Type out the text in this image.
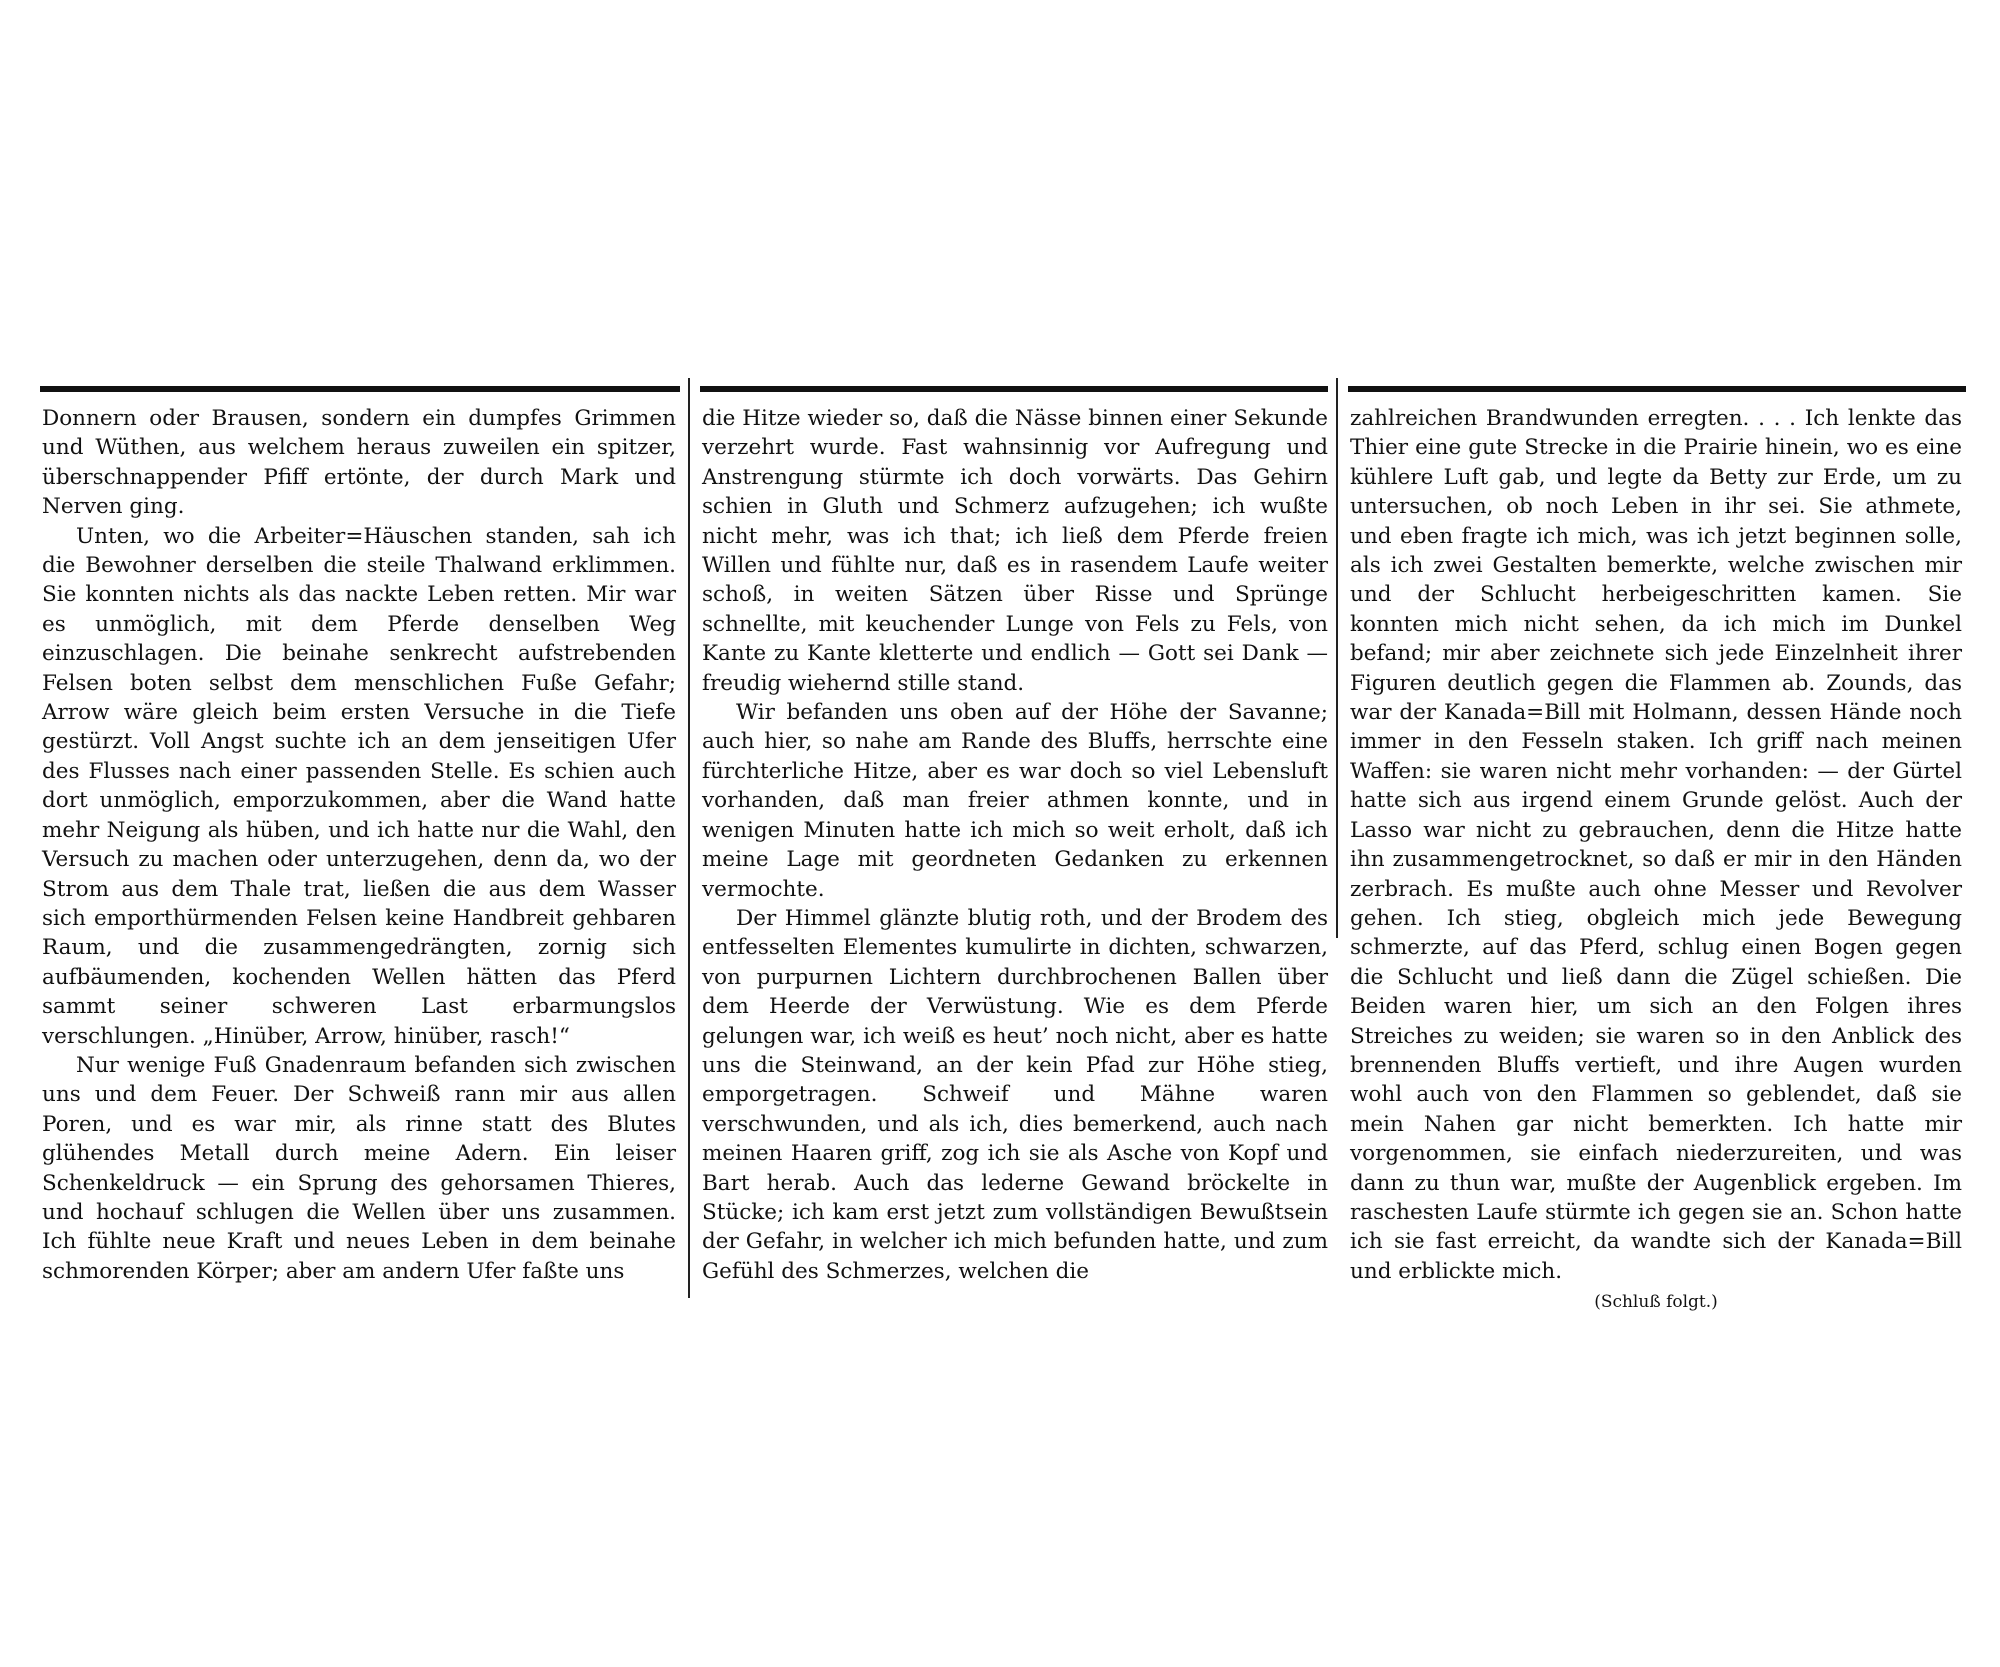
Donnern oder Brausen, sondern ein dumpfes Grimmen und Wüthen, aus welchem heraus zuweilen ein spitzer, überschnappender Pfiff ertönte, der durch Mark und Nerven ging.

Unten, wo die Arbeiter=Häuschen standen, sah ich die Bewohner derselben die steile Thalwand erklimmen. Sie konnten nichts als das nackte Leben retten. Mir war es unmöglich, mit dem Pferde denselben Weg einzuschlagen. Die beinahe senkrecht aufstrebenden Felsen boten selbst dem menschlichen Fuße Gefahr; Arrow wäre gleich beim ersten Versuche in die Tiefe gestürzt. Voll Angst suchte ich an dem jenseitigen Ufer des Flusses nach einer passenden Stelle. Es schien auch dort unmöglich, emporzukommen, aber die Wand hatte mehr Neigung als hüben, und ich hatte nur die Wahl, den Versuch zu machen oder unterzugehen, denn da, wo der Strom aus dem Thale trat, ließen die aus dem Wasser sich emporthürmenden Felsen keine Handbreit gehbaren Raum, und die zusammengedrängten, zornig sich aufbäumenden, kochenden Wellen hätten das Pferd sammt seiner schweren Last erbarmungslos verschlungen. „Hinüber, Arrow, hinüber, rasch!“

Nur wenige Fuß Gnadenraum befanden sich zwischen uns und dem Feuer. Der Schweiß rann mir aus allen Poren, und es war mir, als rinne statt des Blutes glühendes Metall durch meine Adern. Ein leiser Schenkeldruck — ein Sprung des gehorsamen Thieres, und hochauf schlugen die Wellen über uns zusammen. Ich fühlte neue Kraft und neues Leben in dem beinahe schmorenden Körper; aber am andern Ufer faßte uns

die Hitze wieder so, daß die Nässe binnen einer Sekunde verzehrt wurde. Fast wahnsinnig vor Aufregung und Anstrengung stürmte ich doch vorwärts. Das Gehirn schien in Gluth und Schmerz aufzugehen; ich wußte nicht mehr, was ich that; ich ließ dem Pferde freien Willen und fühlte nur, daß es in rasendem Laufe weiter schoß, in weiten Sätzen über Risse und Sprünge schnellte, mit keuchender Lunge von Fels zu Fels, von Kante zu Kante kletterte und endlich — Gott sei Dank — freudig wiehernd stille stand.

Wir befanden uns oben auf der Höhe der Savanne; auch hier, so nahe am Rande des Bluffs, herrschte eine fürchterliche Hitze, aber es war doch so viel Lebensluft vorhanden, daß man freier athmen konnte, und in wenigen Minuten hatte ich mich so weit erholt, daß ich meine Lage mit geordneten Gedanken zu erkennen vermochte.

Der Himmel glänzte blutig roth, und der Brodem des entfesselten Elementes kumulirte in dichten, schwarzen, von purpurnen Lichtern durchbrochenen Ballen über dem Heerde der Verwüstung. Wie es dem Pferde gelungen war, ich weiß es heut’ noch nicht, aber es hatte uns die Steinwand, an der kein Pfad zur Höhe stieg, emporgetragen. Schweif und Mähne waren verschwunden, und als ich, dies bemerkend, auch nach meinen Haaren griff, zog ich sie als Asche von Kopf und Bart herab. Auch das lederne Gewand bröckelte in Stücke; ich kam erst jetzt zum vollständigen Bewußtsein der Gefahr, in welcher ich mich befunden hatte, und zum Gefühl des Schmerzes, welchen die

zahlreichen Brandwunden erregten. . . . Ich lenkte das Thier eine gute Strecke in die Prairie hinein, wo es eine kühlere Luft gab, und legte da Betty zur Erde, um zu untersuchen, ob noch Leben in ihr sei. Sie athmete, und eben fragte ich mich, was ich jetzt beginnen solle, als ich zwei Gestalten bemerkte, welche zwischen mir und der Schlucht herbeigeschritten kamen. Sie konnten mich nicht sehen, da ich mich im Dunkel befand; mir aber zeichnete sich jede Einzelnheit ihrer Figuren deutlich gegen die Flammen ab. Zounds, das war der Kanada=Bill mit Holmann, dessen Hände noch immer in den Fesseln staken. Ich griff nach meinen Waffen: sie waren nicht mehr vorhanden: — der Gürtel hatte sich aus irgend einem Grunde gelöst. Auch der Lasso war nicht zu gebrauchen, denn die Hitze hatte ihn zusammengetrocknet, so daß er mir in den Händen zerbrach. Es mußte auch ohne Messer und Revolver gehen. Ich stieg, obgleich mich jede Bewegung schmerzte, auf das Pferd, schlug einen Bogen gegen die Schlucht und ließ dann die Zügel schießen. Die Beiden waren hier, um sich an den Folgen ihres Streiches zu weiden; sie waren so in den Anblick des brennenden Bluffs vertieft, und ihre Augen wurden wohl auch von den Flammen so geblendet, daß sie mein Nahen gar nicht bemerkten. Ich hatte mir vorgenommen, sie einfach niederzureiten, und was dann zu thun war, mußte der Augenblick ergeben. Im raschesten Laufe stürmte ich gegen sie an. Schon hatte ich sie fast erreicht, da wandte sich der Kanada=Bill und erblickte mich.

(Schluß folgt.)
